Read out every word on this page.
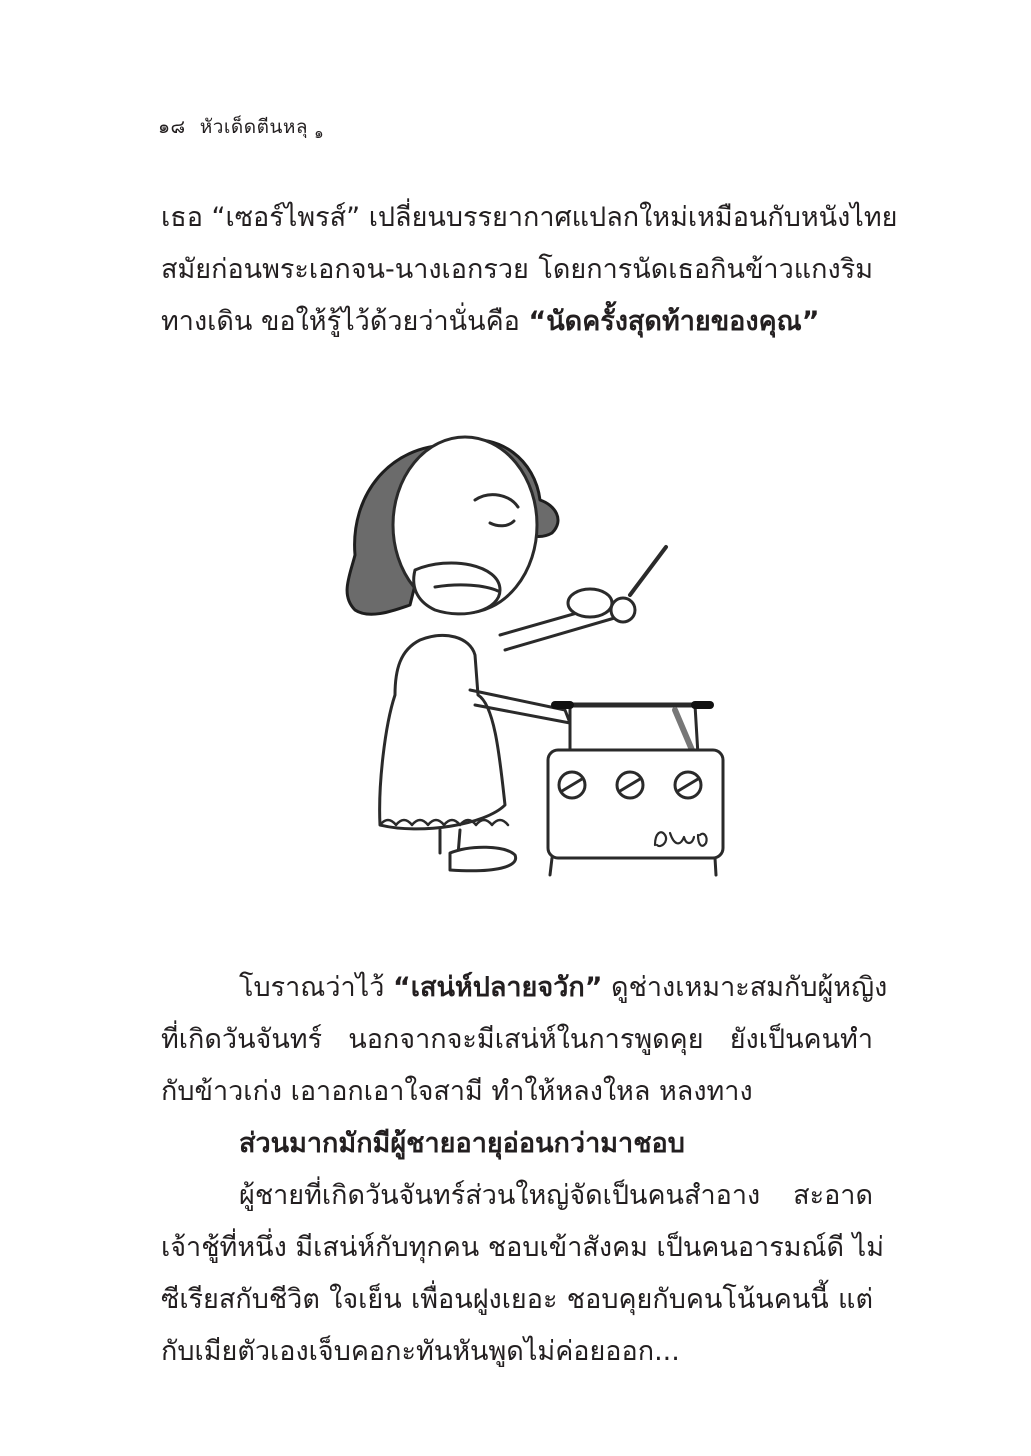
๑๘ หัวเด็ดตีนหลุ $_๑$
เธอ “เซอร์ไพรส์” เปลี่ยนบรรยากาศแปลกใหม่เหมือนกับหนังไทย
สมัยก่อนพระเอกจน-นางเอกรวย โดยการนัดเธอกินข้าวแกงริม
ทางเดิน ขอให้รู้ไว้ด้วยว่านั่นคือ “นัดครั้งสุดท้ายของคุณ”
โบราณว่าไว้ “เสน่ห์ปลายจวัก” ดูช่างเหมาะสมกับผู้หญิง
ที่เกิดวันจันทร์ นอกจากจะมีเสน่ห์ในการพูดคุย ยังเป็นคนทำ
กับข้าวเก่ง เอาอกเอาใจสามี ทำให้หลงใหล หลงทาง
ส่วนมากมักมีผู้ชายอายุอ่อนกว่ามาชอบ
ผู้ชายที่เกิดวันจันทร์ส่วนใหญ่จัดเป็นคนสำอาง สะอาด
เจ้าชู้ที่หนึ่ง มีเสน่ห์กับทุกคน ชอบเข้าสังคม เป็นคนอารมณ์ดี ไม่
ซีเรียสกับชีวิต ใจเย็น เพื่อนฝูงเยอะ ชอบคุยกับคนโน้นคนนี้ แต่
กับเมียตัวเองเจ็บคอกะทันหันพูดไม่ค่อยออก...
